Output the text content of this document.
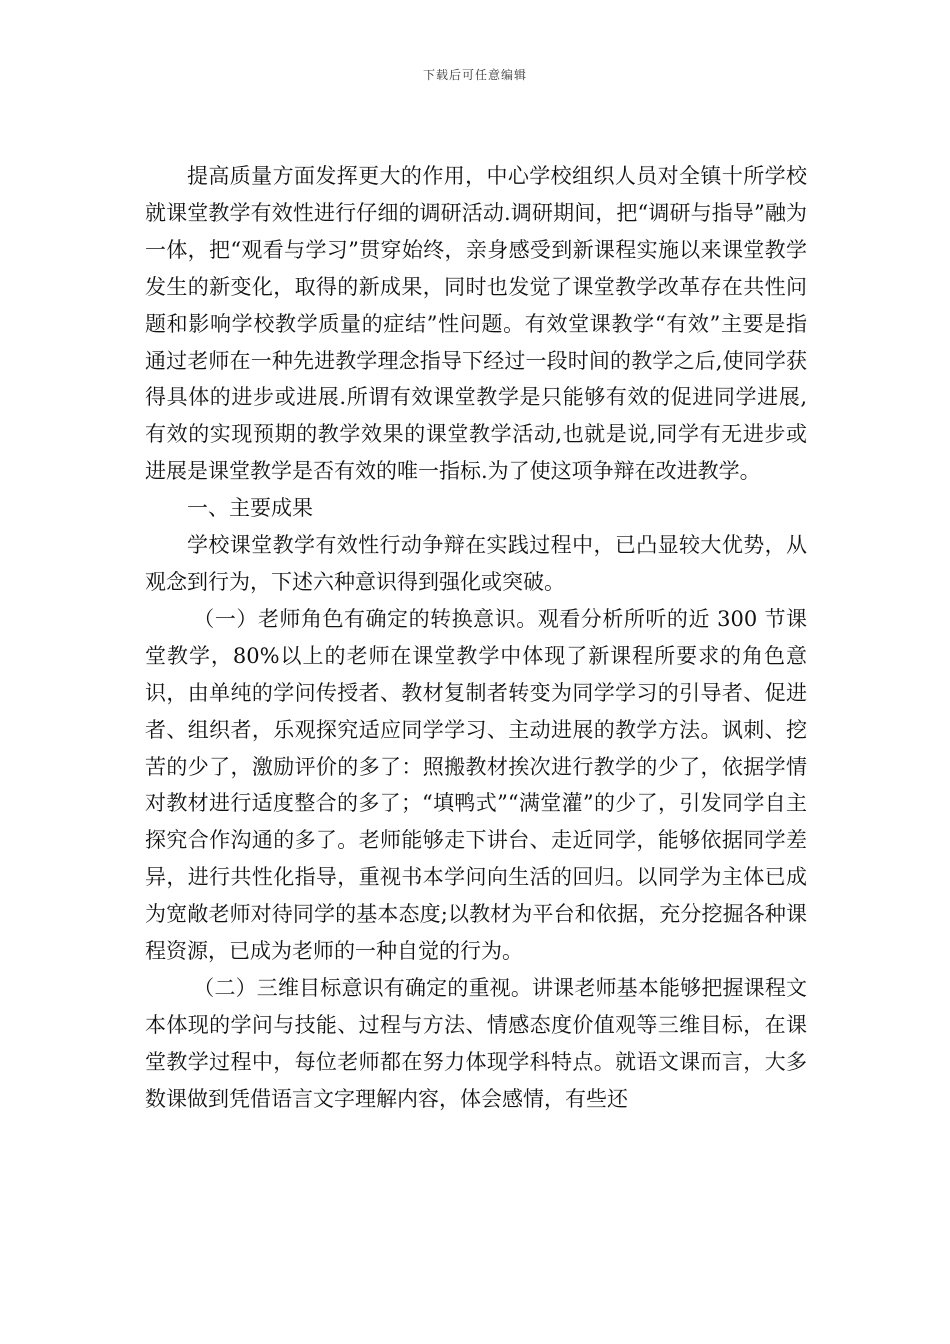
下载后可任意编辑

提高质量方面发挥更大的作用，中心学校组织人员对全镇十所学校就课堂教学有效性进行仔细的调研活动.调研期间，把“调研与指导”融为一体，把“观看与学习”贯穿始终，亲身感受到新课程实施以来课堂教学发生的新变化，取得的新成果，同时也发觉了课堂教学改革存在共性问题和影响学校教学质量的症结”性问题。有效堂课教学“有效”主要是指通过老师在一种先进教学理念指导下经过一段时间的教学之后,使同学获得具体的进步或进展.所谓有效课堂教学是只能够有效的促进同学进展,有效的实现预期的教学效果的课堂教学活动,也就是说,同学有无进步或进展是课堂教学是否有效的唯一指标.为了使这项争辩在改进教学。

一、主要成果

学校课堂教学有效性行动争辩在实践过程中，已凸显较大优势，从观念到行为，下述六种意识得到强化或突破。

（一）老师角色有确定的转换意识。观看分析所听的近 300 节课堂教学，80%以上的老师在课堂教学中体现了新课程所要求的角色意识，由单纯的学问传授者、教材复制者转变为同学学习的引导者、促进者、组织者，乐观探究适应同学学习、主动进展的教学方法。讽刺、挖苦的少了，激励评价的多了：照搬教材挨次进行教学的少了，依据学情对教材进行适度整合的多了；“填鸭式”“满堂灌”的少了，引发同学自主探究合作沟通的多了。老师能够走下讲台、走近同学，能够依据同学差异，进行共性化指导，重视书本学问向生活的回归。以同学为主体已成为宽敞老师对待同学的基本态度;以教材为平台和依据，充分挖掘各种课程资源，已成为老师的一种自觉的行为。

（二）三维目标意识有确定的重视。讲课老师基本能够把握课程文本体现的学问与技能、过程与方法、情感态度价值观等三维目标，在课堂教学过程中，每位老师都在努力体现学科特点。就语文课而言，大多数课做到凭借语言文字理解内容，体会感情，有些还
